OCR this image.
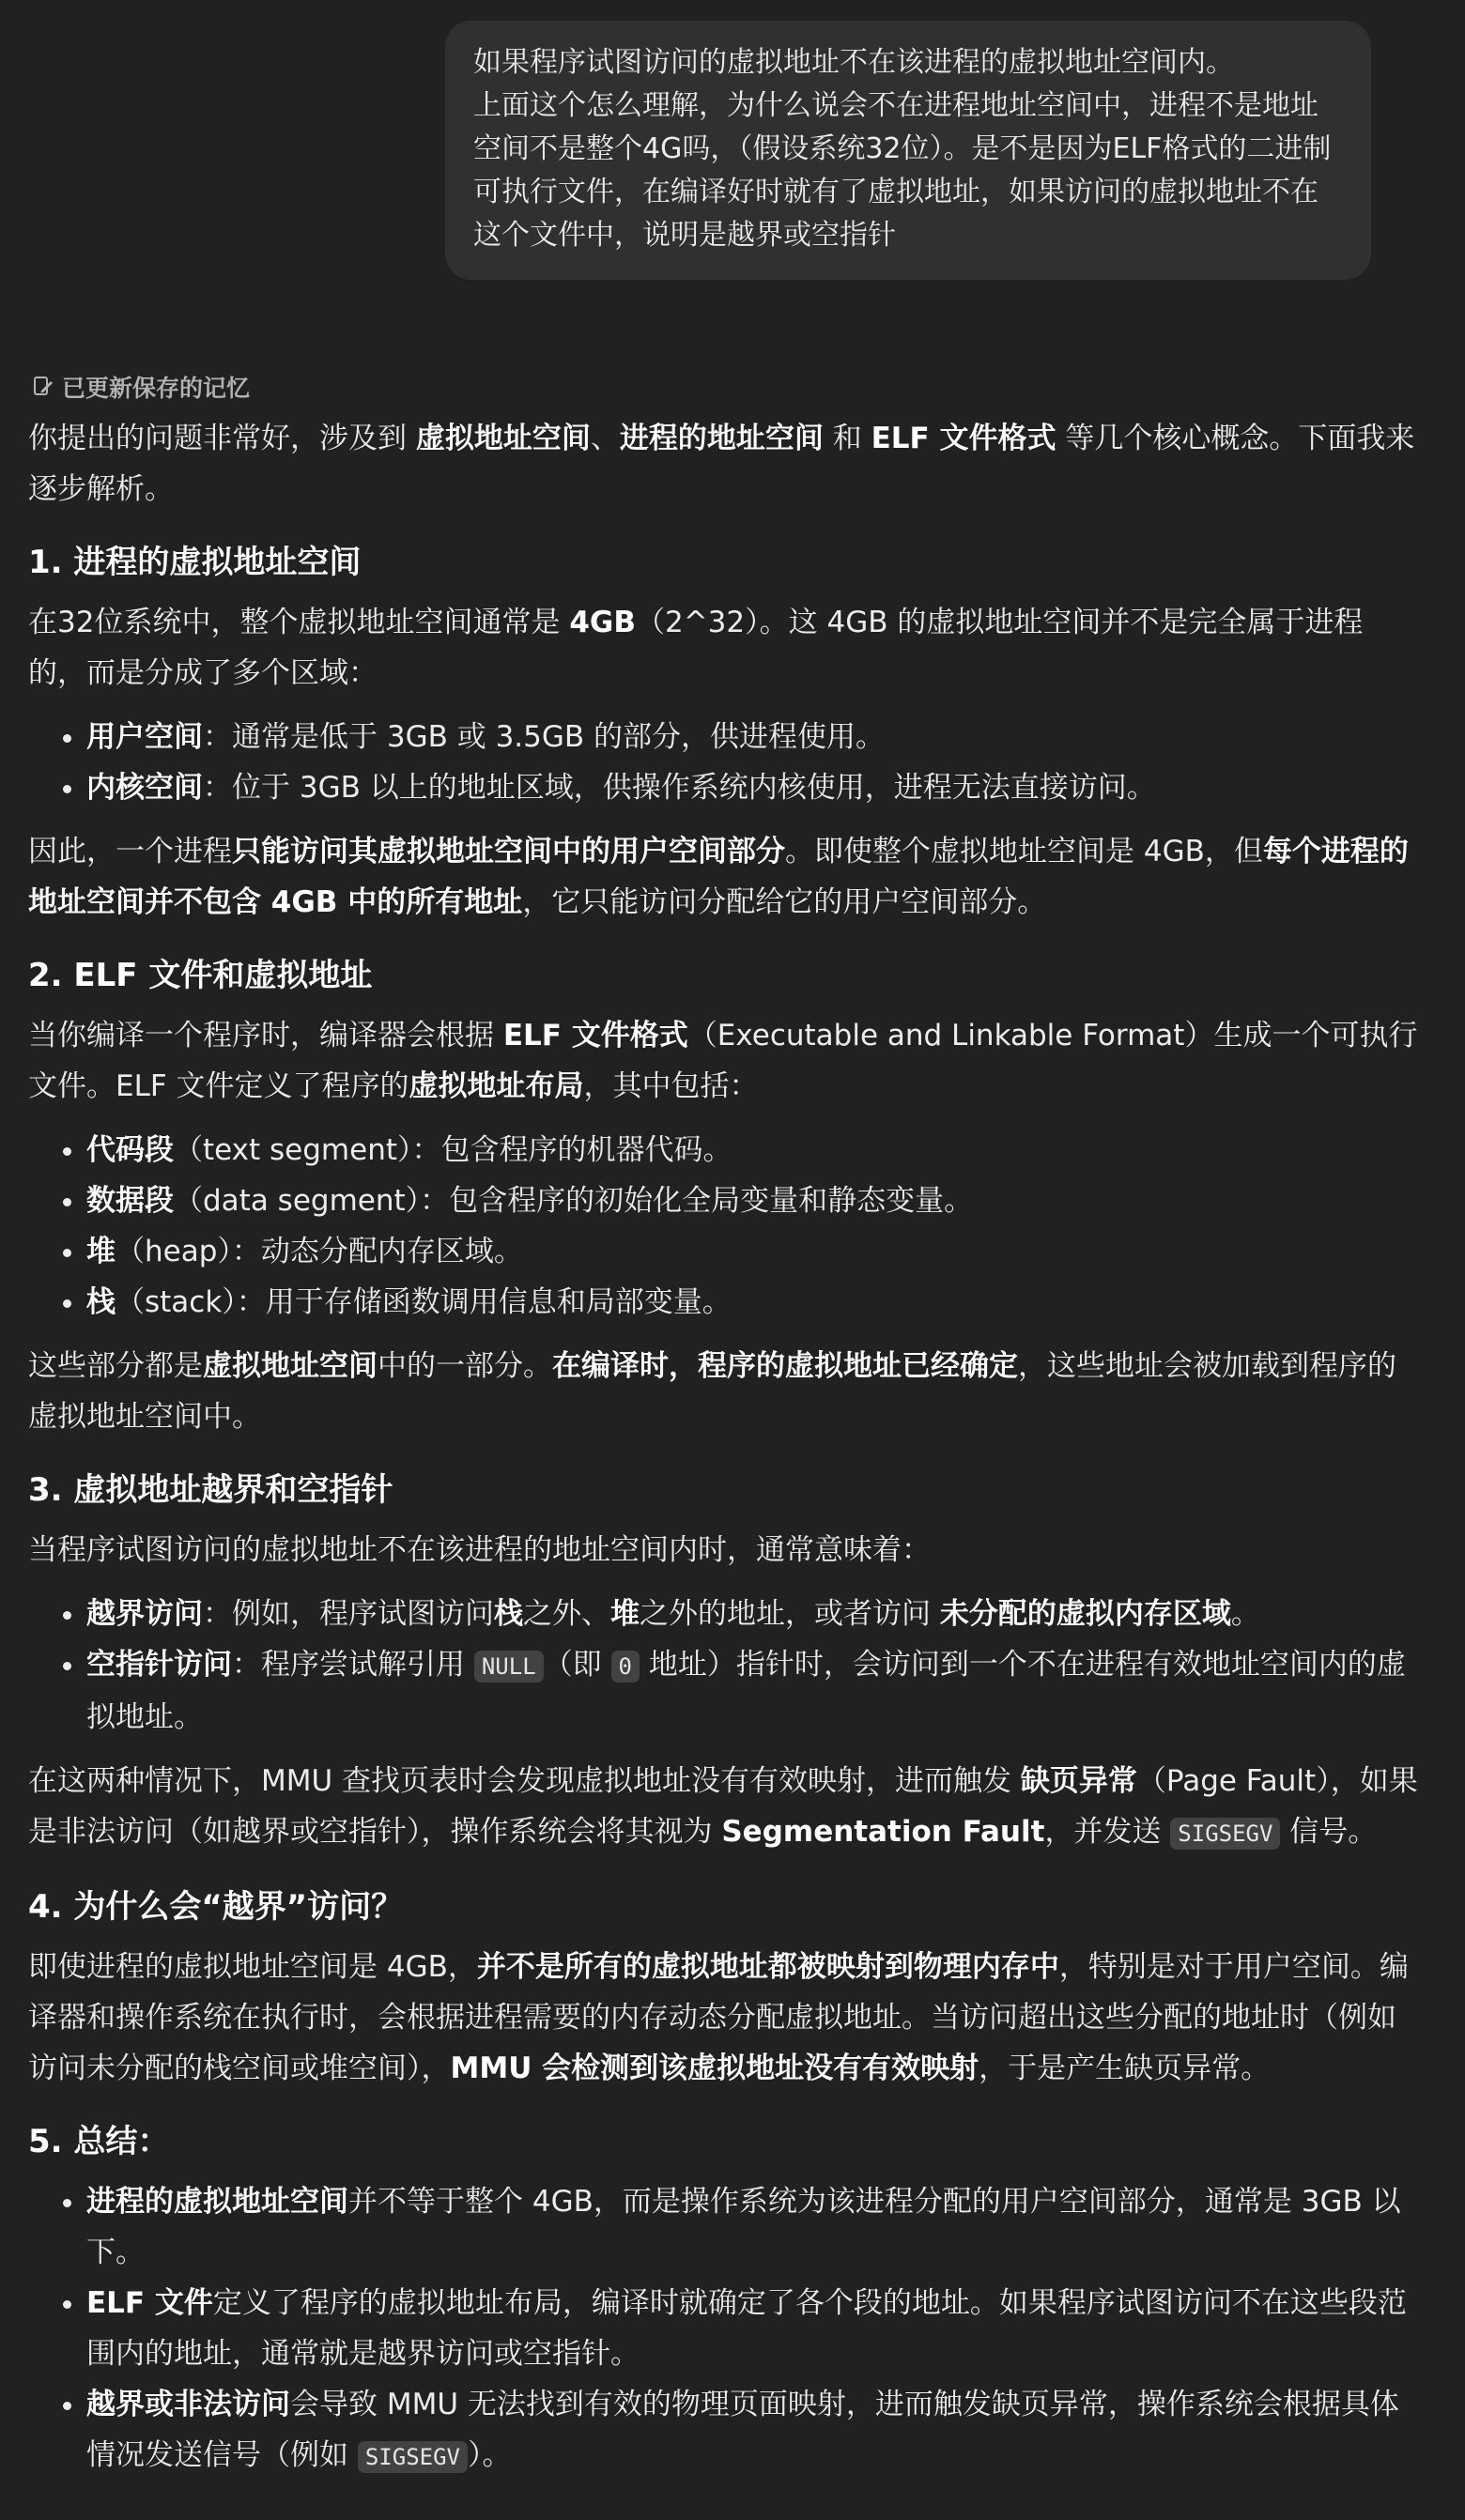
如果程序试图访问的虚拟地址不在该进程的虚拟地址空间内。

上面这个怎么理解，为什么说会不在进程地址空间中，进程不是地址空间不是整个4G吗，（假设系统32位）。是不是因为ELF格式的二进制可执行文件，在编译好时就有了虚拟地址，如果访问的虚拟地址不在这个文件中，说明是越界或空指针

已更新保存的记忆

你提出的问题非常好，涉及到 虚拟地址空间、进程的地址空间 和 ELF 文件格式 等几个核心概念。下面我来逐步解析。

1. 进程的虚拟地址空间

在32位系统中，整个虚拟地址空间通常是 4GB（2^32）。这 4GB 的虚拟地址空间并不是完全属于进程的，而是分成了多个区域：

• 用户空间：通常是低于 3GB 或 3.5GB 的部分，供进程使用。
• 内核空间：位于 3GB 以上的地址区域，供操作系统内核使用，进程无法直接访问。

因此，一个进程只能访问其虚拟地址空间中的用户空间部分。即使整个虚拟地址空间是 4GB，但每个进程的地址空间并不包含 4GB 中的所有地址，它只能访问分配给它的用户空间部分。

2. ELF 文件和虚拟地址

当你编译一个程序时，编译器会根据 ELF 文件格式（Executable and Linkable Format）生成一个可执行文件。ELF 文件定义了程序的虚拟地址布局，其中包括：

• 代码段（text segment）：包含程序的机器代码。
• 数据段（data segment）：包含程序的初始化全局变量和静态变量。
• 堆（heap）：动态分配内存区域。
• 栈（stack）：用于存储函数调用信息和局部变量。

这些部分都是虚拟地址空间中的一部分。在编译时，程序的虚拟地址已经确定，这些地址会被加载到程序的虚拟地址空间中。

3. 虚拟地址越界和空指针

当程序试图访问的虚拟地址不在该进程的地址空间内时，通常意味着：

• 越界访问：例如，程序试图访问栈之外、堆之外的地址，或者访问 未分配的虚拟内存区域。
• 空指针访问：程序尝试解引用 NULL （即 0 地址）指针时，会访问到一个不在进程有效地址空间内的虚拟地址。

在这两种情况下，MMU 查找页表时会发现虚拟地址没有有效映射，进而触发 缺页异常（Page Fault），如果是非法访问（如越界或空指针），操作系统会将其视为 Segmentation Fault，并发送 SIGSEGV 信号。

4. 为什么会“越界”访问？

即使进程的虚拟地址空间是 4GB，并不是所有的虚拟地址都被映射到物理内存中，特别是对于用户空间。编译器和操作系统在执行时，会根据进程需要的内存动态分配虚拟地址。当访问超出这些分配的地址时（例如访问未分配的栈空间或堆空间），MMU 会检测到该虚拟地址没有有效映射，于是产生缺页异常。

5. 总结：
• 进程的虚拟地址空间并不等于整个 4GB，而是操作系统为该进程分配的用户空间部分，通常是 3GB 以下。
• ELF 文件定义了程序的虚拟地址布局，编译时就确定了各个段的地址。如果程序试图访问不在这些段范围内的地址，通常就是越界访问或空指针。
• 越界或非法访问会导致 MMU 无法找到有效的物理页面映射，进而触发缺页异常，操作系统会根据具体情况发送信号（例如 SIGSEGV ）。
